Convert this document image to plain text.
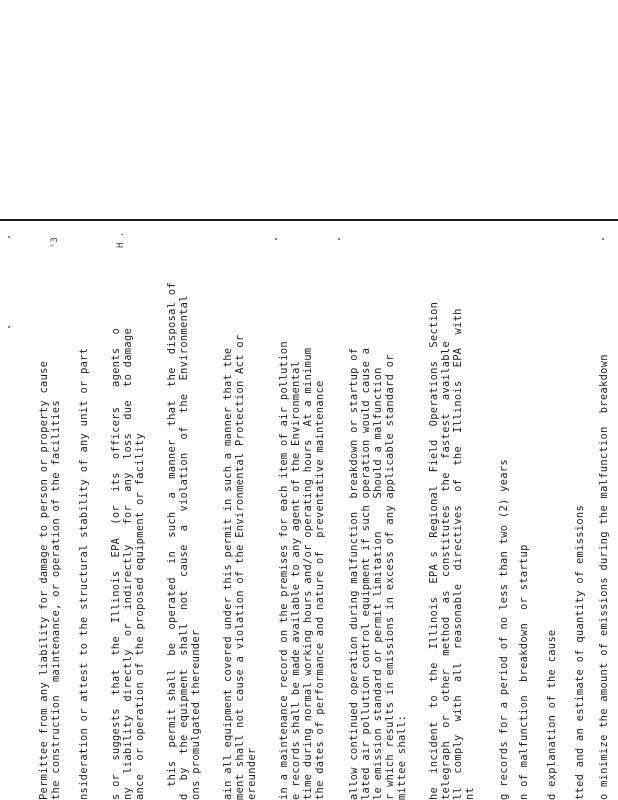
'3	H .
Permittee from any liability for damage to person or property cause the construction  maintenance, or operation of the facilities nsideration or attest to the structural stability of any unit or part s or  suggests  that  the  Illinois  EPA  (or  its  officers   agents  o ny  liability  directly  or  indirectly   for  any  loss  due  to damage ance  or operation of the proposed equipment or facility this  permit shall  be  operated  in  such  a  manner  that  the  disposal of d  by  the equipment  shall  not  cause  a  violation  of  the  Environmental ons promulgated thereunder ain all equipment covered under this permit in such a manner that the ment shall not cause a violation of the Environmental Protection Act or ereunder in a maintenance record on the premises for each item of air pollution e records shall be made available to any agent of the Environmental time during normal working hours and/or operating hours  At a minimum the dates of performance and nature of  preventative maintenance allow continued operation during malfunction  breakdown or startup of lated air pollution control equipment if such operation would cause a le emission standard or permit limitation     Should a malfunction r which results in emissions in excess of any applicable standard or mittee shall: he  incident  to  the  Illinois  EPA s  Regional  Field  Operations  Section telegraph  or  other  method  as  constitutes  the  fastest  available ll  comply  with  all  reasonable  directives  of  the  Illinois  EPA  with nt g records for a period of no less than two (2) years n of malfunction  breakdown  or startup d explanation of the cause tted and an estimate of quantity of emissions o minimize the amount of emissions during the malfunction  breakdown
